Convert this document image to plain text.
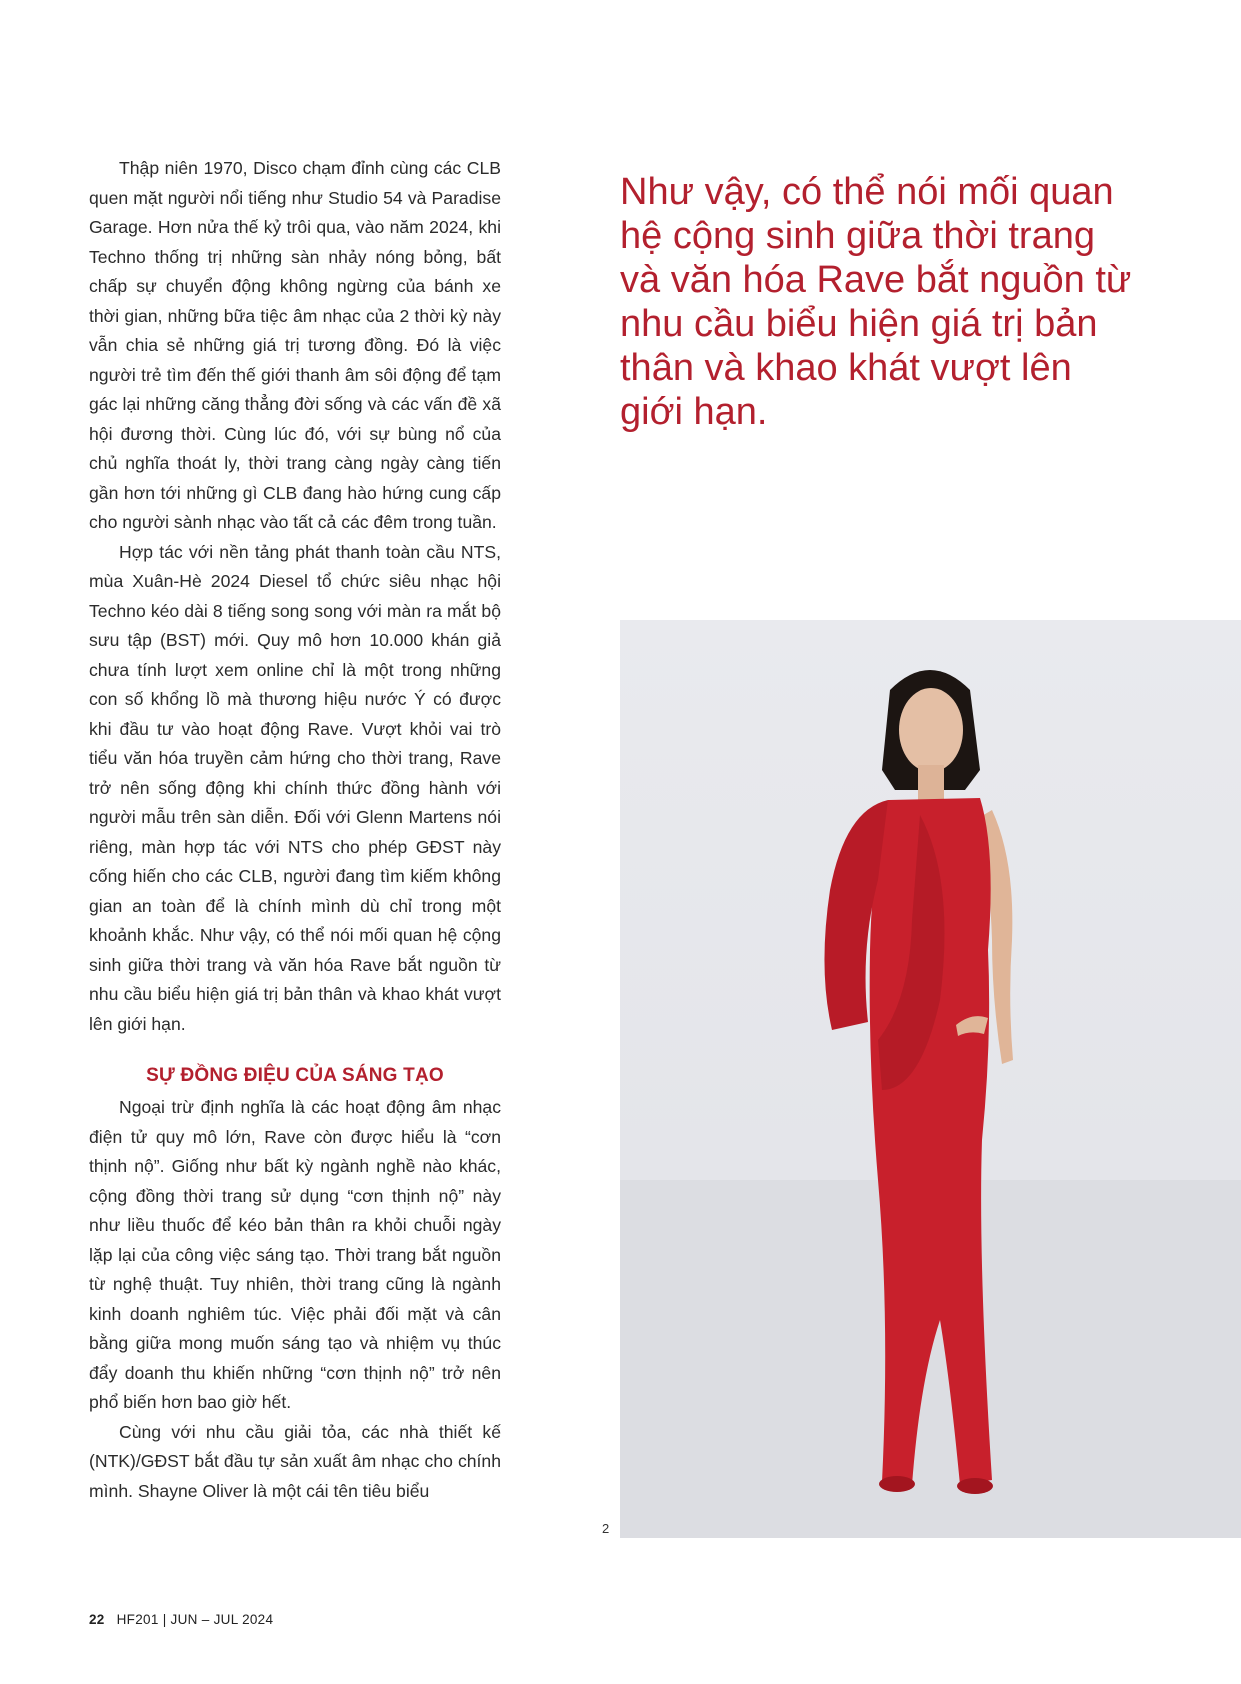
Thập niên 1970, Disco chạm đỉnh cùng các CLB quen mặt người nổi tiếng như Studio 54 và Paradise Garage. Hơn nửa thế kỷ trôi qua, vào năm 2024, khi Techno thống trị những sàn nhảy nóng bỏng, bất chấp sự chuyển động không ngừng của bánh xe thời gian, những bữa tiệc âm nhạc của 2 thời kỳ này vẫn chia sẻ những giá trị tương đồng. Đó là việc người trẻ tìm đến thế giới thanh âm sôi động để tạm gác lại những căng thẳng đời sống và các vấn đề xã hội đương thời. Cùng lúc đó, với sự bùng nổ của chủ nghĩa thoát ly, thời trang càng ngày càng tiến gần hơn tới những gì CLB đang hào hứng cung cấp cho người sành nhạc vào tất cả các đêm trong tuần.

Hợp tác với nền tảng phát thanh toàn cầu NTS, mùa Xuân-Hè 2024 Diesel tổ chức siêu nhạc hội Techno kéo dài 8 tiếng song song với màn ra mắt bộ sưu tập (BST) mới. Quy mô hơn 10.000 khán giả chưa tính lượt xem online chỉ là một trong những con số khổng lồ mà thương hiệu nước Ý có được khi đầu tư vào hoạt động Rave. Vượt khỏi vai trò tiểu văn hóa truyền cảm hứng cho thời trang, Rave trở nên sống động khi chính thức đồng hành với người mẫu trên sàn diễn. Đối với Glenn Martens nói riêng, màn hợp tác với NTS cho phép GĐST này cống hiến cho các CLB, người đang tìm kiếm không gian an toàn để là chính mình dù chỉ trong một khoảnh khắc. Như vậy, có thể nói mối quan hệ cộng sinh giữa thời trang và văn hóa Rave bắt nguồn từ nhu cầu biểu hiện giá trị bản thân và khao khát vượt lên giới hạn.

SỰ ĐỒNG ĐIỆU CỦA SÁNG TẠO

Ngoại trừ định nghĩa là các hoạt động âm nhạc điện tử quy mô lớn, Rave còn được hiểu là “cơn thịnh nộ”. Giống như bất kỳ ngành nghề nào khác, cộng đồng thời trang sử dụng “cơn thịnh nộ” này như liều thuốc để kéo bản thân ra khỏi chuỗi ngày lặp lại của công việc sáng tạo. Thời trang bắt nguồn từ nghệ thuật. Tuy nhiên, thời trang cũng là ngành kinh doanh nghiêm túc. Việc phải đối mặt và cân bằng giữa mong muốn sáng tạo và nhiệm vụ thúc đẩy doanh thu khiến những “cơn thịnh nộ” trở nên phổ biến hơn bao giờ hết.

Cùng với nhu cầu giải tỏa, các nhà thiết kế (NTK)/GĐST bắt đầu tự sản xuất âm nhạc cho chính mình. Shayne Oliver là một cái tên tiêu biểu

Như vậy, có thể nói mối quan hệ cộng sinh giữa thời trang và văn hóa Rave bắt nguồn từ nhu cầu biểu hiện giá trị bản thân và khao khát vượt lên giới hạn.

2
22 HF201 | JUN – JUL 2024
